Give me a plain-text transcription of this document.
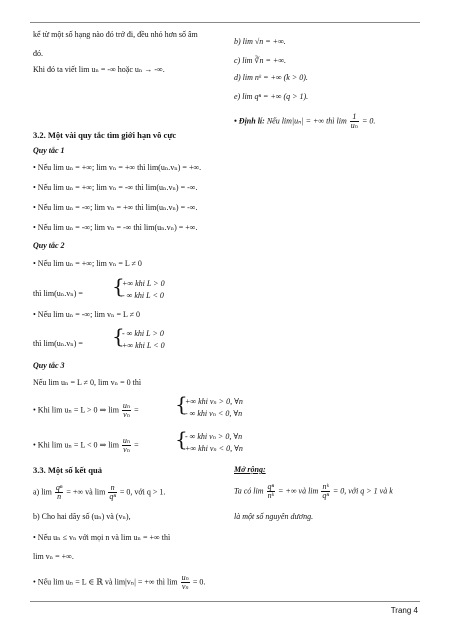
kể từ một số hạng nào đó trở đi, đều nhỏ hơn số âm
đó.
Khi đó ta viết lim uₙ = -∞ hoặc uₙ → -∞.
b) lim √n = +∞.
c) lim ∛n = +∞.
d) lim nᵏ = +∞ (k > 0).
e) lim qⁿ = +∞ (q > 1).
• Định lí: Nếu lim|uₙ| = +∞ thì $\lim \frac{1}{\text{uₙ}} = 0$.
3.2. Một vài quy tắc tìm giới hạn vô cực
Quy tắc 1
• Nếu lim uₙ = +∞; lim vₙ = +∞ thì lim(uₙ.vₙ) = +∞.
• Nếu lim uₙ = +∞; lim vₙ = -∞ thì lim(uₙ.vₙ) = -∞.
• Nếu lim uₙ = -∞; lim vₙ = +∞ thì lim(uₙ.vₙ) = -∞.
• Nếu lim uₙ = -∞; lim vₙ = -∞ thì lim(uₙ.vₙ) = +∞.
Quy tắc 2
• Nếu lim uₙ = +∞; lim vₙ = L ≠ 0
thì lim(uₙ.vₙ) = {
+∞ khi L > 0
- ∞ khi L < 0
• Nếu lim uₙ = -∞; lim vₙ = L ≠ 0
thì lim(uₙ.vₙ) = {
- ∞ khi L > 0
+∞ khi L < 0
Quy tắc 3
Nếu lim uₙ = L ≠ 0, lim vₙ = 0 thì
• Khi lim uₙ = L > 0 ⇒ $\lim \frac{\text{uₙ}}{\text{vₙ}}$ = {
+∞ khi vₙ > 0, ∀n
- ∞ khi vₙ < 0, ∀n
• Khi lim uₙ = L < 0 ⇒ $\lim \frac{\text{uₙ}}{\text{vₙ}}$ = {
- ∞ khi vₙ > 0, ∀n
+∞ khi vₙ < 0, ∀n
3.3. Một số kết quả
a) $\lim \frac{\text{qⁿ}}{n}$ = +∞ và $\lim \frac{n}{\text{qⁿ}} = 0$, với q > 1.
b) Cho hai dãy số (uₙ) và (vₙ),
• Nếu uₙ ≤ vₙ với mọi n và lim uₙ = +∞ thì
lim vₙ = +∞.
• Nếu lim uₙ = L ∈ ℝ và lim|vₙ| = +∞ thì $\lim \frac{\text{uₙ}}{\text{vₙ}} = 0$.
Mở rộng:
Ta có $\lim \frac{\text{qⁿ}}{\text{nᵏ}}$ = +∞ và $\lim \frac{\text{nᵏ}}{\text{qⁿ}} = 0$, với q > 1 và k
là một số nguyên dương.
Trang 4
